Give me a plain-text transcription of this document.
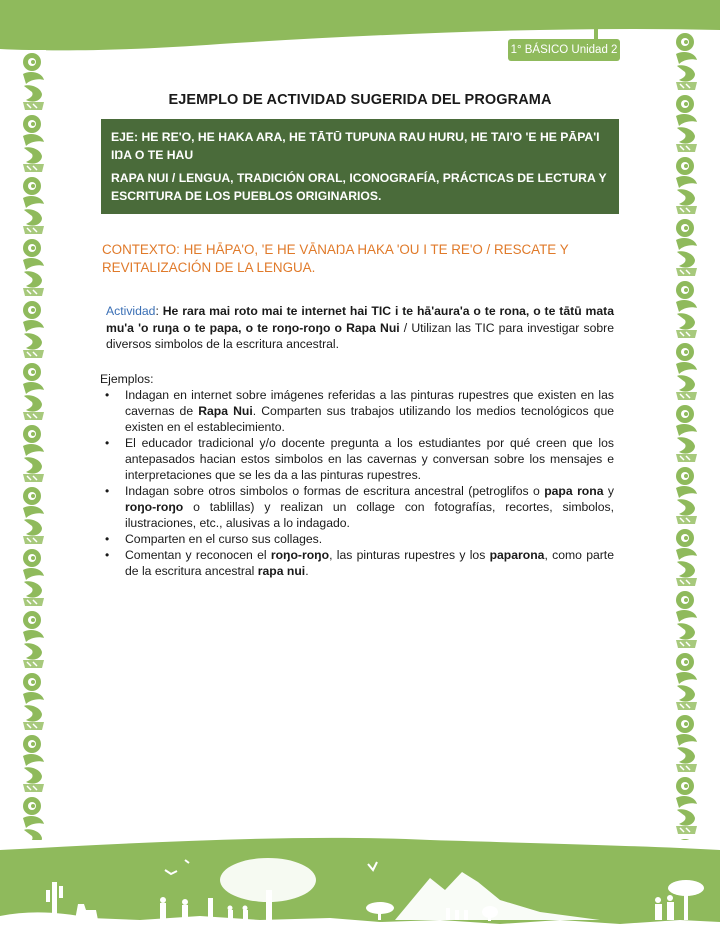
1° BÁSICO Unidad 2
EJEMPLO DE ACTIVIDAD SUGERIDA DEL PROGRAMA

EJE: HE RE'O, HE HAKA ARA, HE TĀTŪ TUPUNA RAU HURU, HE TAI'O 'E HE PĀPA'I IŊA O TE HAU

RAPA NUI / LENGUA, TRADICIÓN ORAL, ICONOGRAFÍA, PRÁCTICAS DE LECTURA Y ESCRITURA DE LOS PUEBLOS ORIGINARIOS.

CONTEXTO: HE HĀPA'O, 'E HE VĀNAŊA HAKA 'OU I TE RE'O / RESCATE Y REVITALIZACIÓN DE LA LENGUA.
Actividad: He rara mai roto mai te internet hai TIC i te hā'aura'a o te rona, o te tātū mata mu'a 'o ruŋa o te papa, o te roŋo-roŋo o Rapa Nui / Utilizan las TIC para investigar sobre diversos simbolos de la escritura ancestral.
Ejemplos:
• Indagan en internet sobre imágenes referidas a las pinturas rupestres que existen en las cavernas de Rapa Nui. Comparten sus trabajos utilizando los medios tecnológicos que existen en el establecimiento.
• El educador tradicional y/o docente pregunta a los estudiantes por qué creen que los antepasados hacian estos simbolos en las cavernas y conversan sobre los mensajes e interpretaciones que se les da a las pinturas rupestres.
• Indagan sobre otros simbolos o formas de escritura ancestral (petroglifos o papa rona y roŋo-roŋo o tablillas) y realizan un collage con fotografías, recortes, simbolos, ilustraciones, etc., alusivas a lo indagado.
• Comparten en el curso sus collages.
• Comentan y reconocen el roŋo-roŋo, las pinturas rupestres y los paparona, como parte de la escritura ancestral rapa nui.
